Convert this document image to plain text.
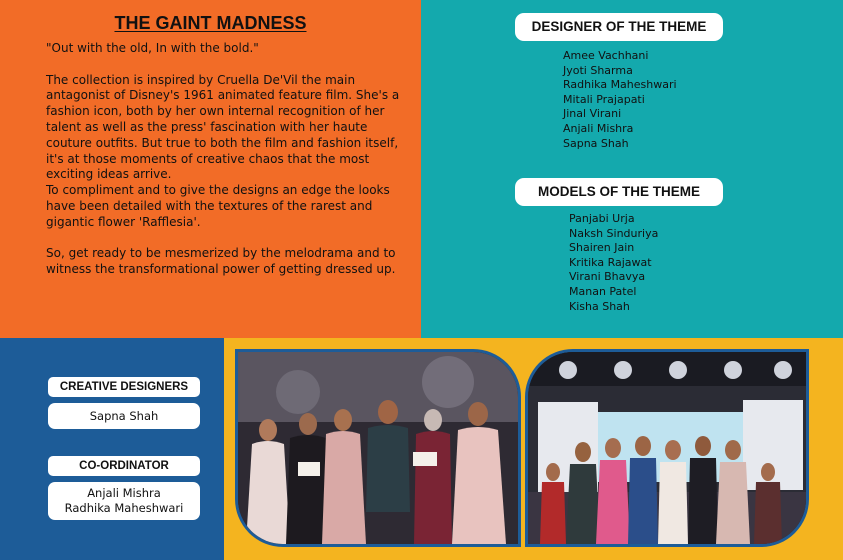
THE GAINT MADNESS

"Out with the old, In with the bold."

The collection is inspired by Cruella De'Vil the main antagonist of Disney's 1961 animated feature film. She's a fashion icon, both by her own internal recognition of her talent as well as the press' fascination with her haute couture outfits. But true to both the film and fashion itself, it's at those moments of creative chaos that the most exciting ideas arrive.

To compliment and to give the designs an edge the looks have been detailed with the textures of the rarest and gigantic flower 'Rafflesia'.

So, get ready to be mesmerized by the melodrama and to witness the transformational power of getting dressed up.

DESIGNER OF THE THEME
Amee Vachhani
Jyoti Sharma
Radhika Maheshwari
Mitali Prajapati
Jinal Virani
Anjali Mishra
Sapna Shah
MODELS OF THE THEME
Panjabi Urja
Naksh Sinduriya
Shairen Jain
Kritika Rajawat
Virani Bhavya
Manan Patel
Kisha Shah
CREATIVE DESIGNERS
Sapna Shah
CO-ORDINATOR
Anjali Mishra
Radhika Maheshwari
